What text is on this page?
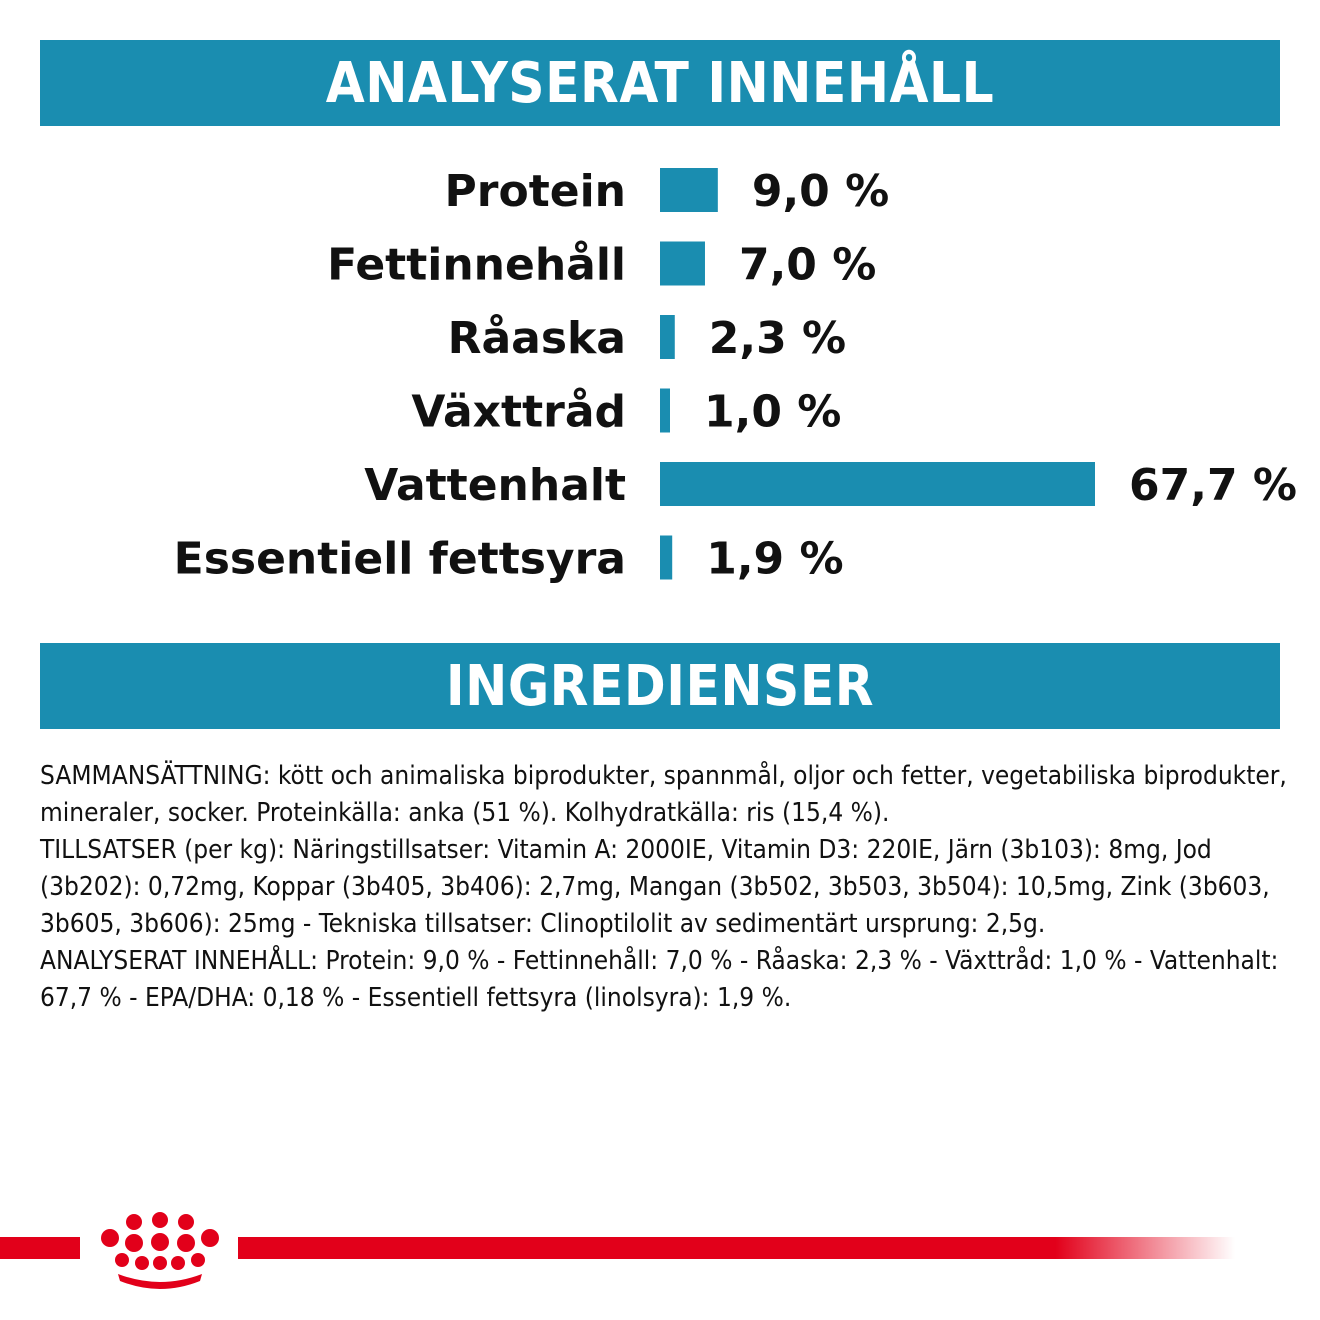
ANALYSERAT INNEHÅLL
Protein	9,0 %
Fettinnehåll	7,0 %
Råaska 2,3 %
Växttråd 1,0 %
Vattenhalt	67,7 %
Essentiell fettsyra 1,9 %
INGREDIENSER

SAMMANSÄTTNING: kött och animaliska biprodukter, spannmål, oljor och fetter, vegetabiliska biprodukter, mineraler, socker. Proteinkälla: anka (51 %). Kolhydratkälla: ris (15,4 %).

TILLSATSER (per kg): Näringstillsatser: Vitamin A: 2000IE, Vitamin D3: 220IE, Järn (3b103): 8mg, Jod (3b202): 0,72mg, Koppar (3b405, 3b406): 2,7mg, Mangan (3b502, 3b503, 3b504): 10,5mg, Zink (3b603, 3b605, 3b606): 25mg - Tekniska tillsatser: Clinoptilolit av sedimentärt ursprung: 2,5g.

ANALYSERAT INNEHÅLL: Protein: 9,0 % - Fettinnehåll: 7,0 % - Råaska: 2,3 % - Växttråd: 1,0 % - Vattenhalt: 67,7 % - EPA/DHA: 0,18 % - Essentiell fettsyra (linolsyra): 1,9 %.
